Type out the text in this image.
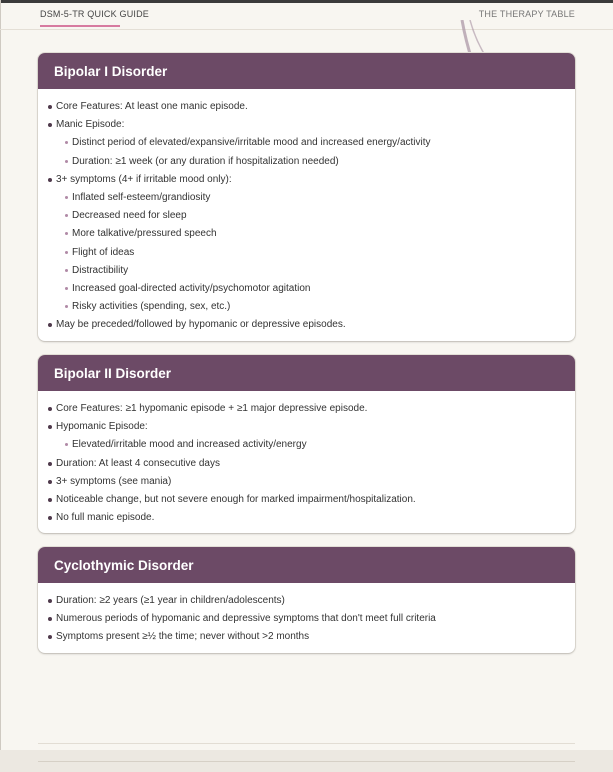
DSM-5-TR QUICK GUIDE	THE THERAPY TABLE
Bipolar I Disorder
Core Features: At least one manic episode.
Manic Episode:
Distinct period of elevated/expansive/irritable mood and increased energy/activity
Duration: ≥1 week (or any duration if hospitalization needed)
3+ symptoms (4+ if irritable mood only):
Inflated self-esteem/grandiosity
Decreased need for sleep
More talkative/pressured speech
Flight of ideas
Distractibility
Increased goal-directed activity/psychomotor agitation
Risky activities (spending, sex, etc.)
May be preceded/followed by hypomanic or depressive episodes.
Bipolar II Disorder
Core Features: ≥1 hypomanic episode + ≥1 major depressive episode.
Hypomanic Episode:
Elevated/irritable mood and increased activity/energy
Duration: At least 4 consecutive days
3+ symptoms (see mania)
Noticeable change, but not severe enough for marked impairment/hospitalization.
No full manic episode.
Cyclothymic Disorder
Duration: ≥2 years (≥1 year in children/adolescents)
Numerous periods of hypomanic and depressive symptoms that don't meet full criteria
Symptoms present ≥½ the time; never without >2 months
